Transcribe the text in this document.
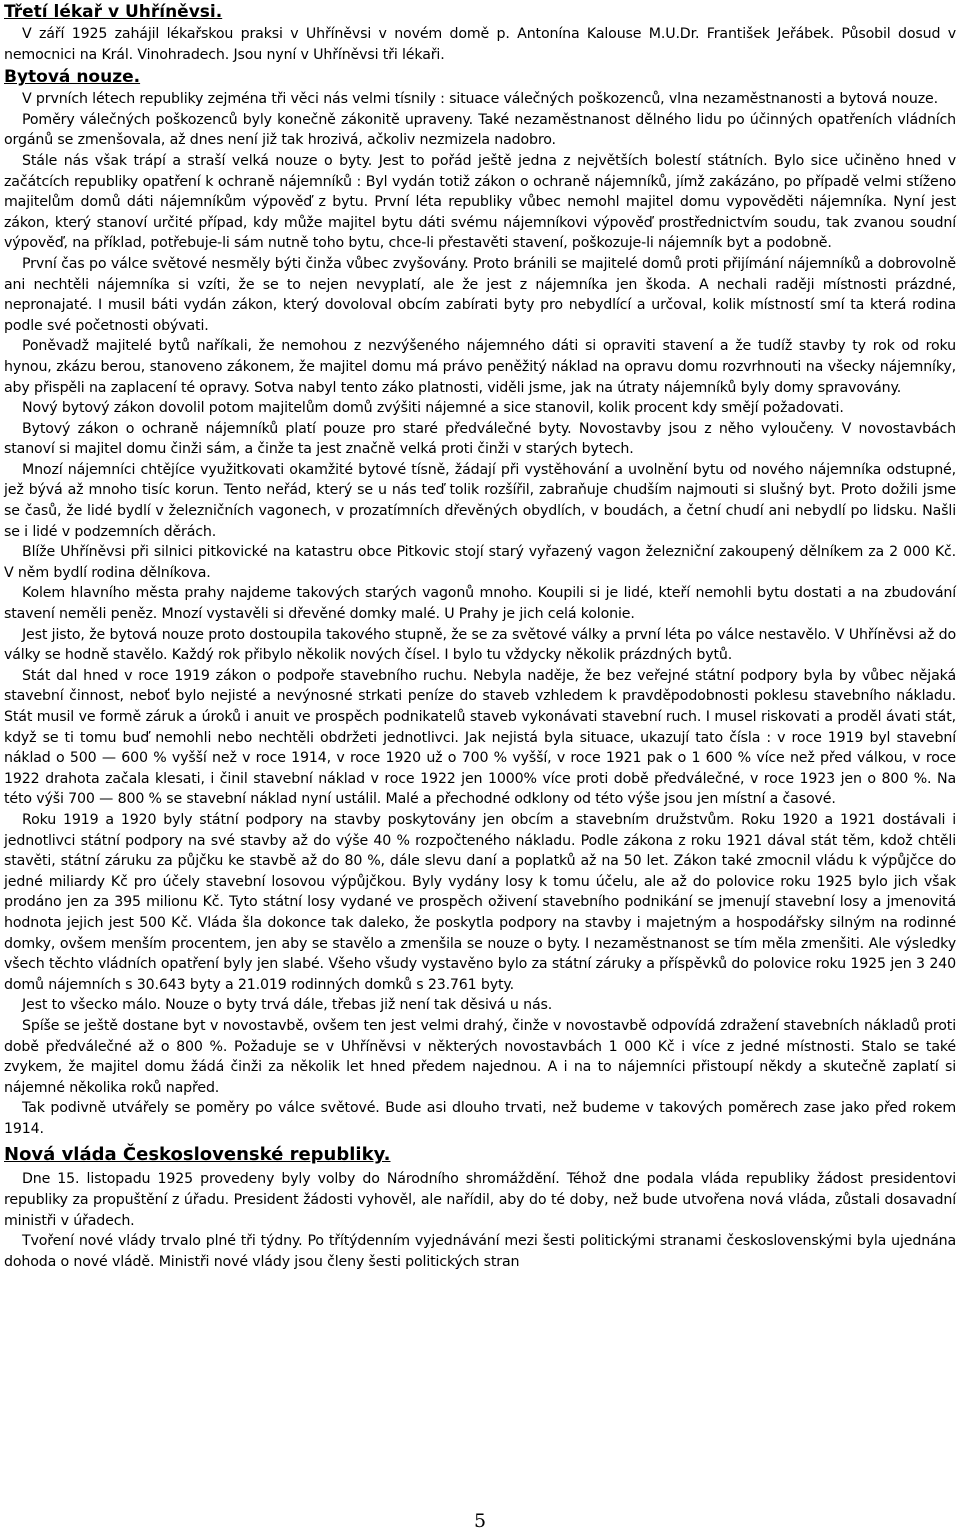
Třetí lékař v Uhříněvsi.

V září 1925 zahájil lékařskou praksi v Uhříněvsi v novém domě p. Antonína Kalouse M.U.Dr. František Jeřábek. Působil dosud v nemocnici na Král. Vinohradech. Jsou nyní v Uhříněvsi tři lékaři.

Bytová nouze.

V prvních létech republiky zejména tři věci nás velmi tísnily : situace válečných poškozenců, vlna nezaměstnanosti a bytová nouze.

Poměry válečných poškozenců byly konečně zákonitě upraveny. Také nezaměstnanost dělného lidu po účinných opatřeních vládních orgánů se zmenšovala, až dnes není již tak hrozivá, ačkoliv nezmizela nadobro.

Stále nás však trápí a straší velká nouze o byty. Jest to pořád ještě jedna z největších bolestí státních. Bylo sice učiněno hned v začátcích republiky opatření k ochraně nájemníků : Byl vydán totiž zákon o ochraně nájemníků, jímž zakázáno, po případě velmi stíženo majitelům domů dáti nájemníkům výpověď z bytu. První léta republiky vůbec nemohl majitel domu vypověděti nájemníka. Nyní jest zákon, který stanoví určité případ, kdy může majitel bytu dáti svému nájemníkovi výpověď prostřednictvím soudu, tak zvanou soudní výpověď, na příklad, potřebuje-li sám nutně toho bytu, chce-li přestavěti stavení, poškozuje-li nájemník byt a podobně.

První čas po válce světové nesměly býti činža vůbec zvyšovány. Proto bránili se majitelé domů proti přijímání nájemníků a dobrovolně ani nechtěli nájemníka si vzíti, že se to nejen nevyplatí, ale že jest z nájemníka jen škoda. A nechali raději místnosti prázdné, nepronajaté. I musil báti vydán zákon, který dovoloval obcím zabírati byty pro nebydlící a určoval, kolik místností smí ta která rodina podle své početnosti obývati.

Poněvadž majitelé bytů naříkali, že nemohou z nezvýšeného nájemného dáti si opraviti stavení a že tudíž stavby ty rok od roku hynou, zkázu berou, stanoveno zákonem, že majitel domu má právo peněžitý náklad na opravu domu rozvrhnouti na všecky nájemníky, aby přispěli na zaplacení té opravy. Sotva nabyl tento záko platnosti, viděli jsme, jak na útraty nájemníků byly domy spravovány.

Nový bytový zákon dovolil potom majitelům domů zvýšiti nájemné a sice stanovil, kolik procent kdy smějí požadovati.

Bytový zákon o ochraně nájemníků platí pouze pro staré předválečné byty. Novostavby jsou z něho vyloučeny. V novostavbách stanoví si majitel domu činži sám, a činže ta jest značně velká proti činži v starých bytech.

Mnozí nájemníci chtějíce využitkovati okamžité bytové tísně, žádají při vystěhování a uvolnění bytu od nového nájemníka odstupné, jež bývá až mnoho tisíc korun. Tento neřád, který se u nás teď tolik rozšířil, zabraňuje chudším najmouti si slušný byt. Proto dožili jsme se časů, že lidé bydlí v železničních vagonech, v prozatímních dřevěných obydlích, v boudách, a četní chudí ani nebydlí po lidsku. Našli se i lidé v podzemních děrách.

Blíže Uhříněvsi při silnici pitkovické na katastru obce Pitkovic stojí starý vyřazený vagon železniční zakoupený dělníkem za 2 000 Kč. V něm bydlí rodina dělníkova.

Kolem hlavního města prahy najdeme takových starých vagonů mnoho. Koupili si je lidé, kteří nemohli bytu dostati a na zbudování stavení neměli peněz. Mnozí vystavěli si dřevěné domky malé. U Prahy je jich celá kolonie.

Jest jisto, že bytová nouze proto dostoupila takového stupně, že se za světové války a první léta po válce nestavělo. V Uhříněvsi až do války se hodně stavělo. Každý rok přibylo několik nových čísel. I bylo tu vždycky několik prázdných bytů.

Stát dal hned v roce 1919 zákon o podpoře stavebního ruchu. Nebyla naděje, že bez veřejné státní podpory byla by vůbec nějaká stavební činnost, neboť bylo nejisté a nevýnosné strkati peníze do staveb vzhledem k pravděpodobnosti poklesu stavebního nákladu. Stát musil ve formě záruk a úroků i anuit ve prospěch podnikatelů staveb vykonávati stavební ruch. I musel riskovati a proděl ávati stát, když se ti tomu buď nemohli nebo nechtěli obdržeti jednotlivci. Jak nejistá byla situace, ukazují tato čísla : v roce 1919 byl stavební náklad o 500 — 600 % vyšší než v roce 1914, v roce 1920 už o 700 % vyšší, v roce 1921 pak o 1 600 % více než před válkou, v roce 1922 drahota začala klesati, i činil stavební náklad v roce 1922 jen 1000% více proti době předválečné, v roce 1923 jen o 800 %. Na této výši 700 — 800 % se stavební náklad nyní ustálil. Malé a přechodné odklony od této výše jsou jen místní a časové.

Roku 1919 a 1920 byly státní podpory na stavby poskytovány jen obcím a stavebním družstvům. Roku 1920 a 1921 dostávali i jednotlivci státní podpory na své stavby až do výše 40 % rozpočteného nákladu. Podle zákona z roku 1921 dával stát těm, kdož chtěli stavěti, státní záruku za půjčku ke stavbě až do 80 %, dále slevu daní a poplatků až na 50 let. Zákon také zmocnil vládu k výpůjčce do jedné miliardy Kč pro účely stavební losovou výpůjčkou. Byly vydány losy k tomu účelu, ale až do polovice roku 1925 bylo jich však prodáno jen za 395 milionu Kč. Tyto státní losy vydané ve prospěch oživení stavebního podnikání se jmenují stavební losy a jmenovitá hodnota jejich jest 500 Kč. Vláda šla dokonce tak daleko, že poskytla podpory na stavby i majetným a hospodářsky silným na rodinné domky, ovšem menším procentem, jen aby se stavělo a zmenšila se nouze o byty. I nezaměstnanost se tím měla zmenšiti. Ale výsledky všech těchto vládních opatření byly jen slabé. Všeho všudy vystavěno bylo za státní záruky a příspěvků do polovice roku 1925 jen 3 240 domů nájemních s 30.643 byty a 21.019 rodinných domků s 23.761 byty.

Jest to všecko málo. Nouze o byty trvá dále, třebas již není tak děsivá u nás.

Spíše se ještě dostane byt v novostavbě, ovšem ten jest velmi drahý, činže v novostavbě odpovídá zdražení stavebních nákladů proti době předválečné až o 800 %. Požaduje se v Uhříněvsi v některých novostavbách 1 000 Kč i více z jedné místnosti. Stalo se také zvykem, že majitel domu žádá činži za několik let hned předem najednou. A i na to nájemníci přistoupí někdy a skutečně zaplatí si nájemné několika roků napřed.

Tak podivně utvářely se poměry po válce světové. Bude asi dlouho trvati, než budeme v takových poměrech zase jako před rokem 1914.

Nová vláda Československé republiky.

Dne 15. listopadu 1925 provedeny byly volby do Národního shromáždění. Téhož dne podala vláda republiky žádost presidentovi republiky za propuštění z úřadu. President žádosti vyhověl, ale nařídil, aby do té doby, než bude utvořena nová vláda, zůstali dosavadní ministři v úřadech.

Tvoření nové vlády trvalo plné tři týdny. Po třítýdenním vyjednávání mezi šesti politickými stranami československými byla ujednána dohoda o nové vládě. Ministři nové vlády jsou členy šesti politických stran

5
